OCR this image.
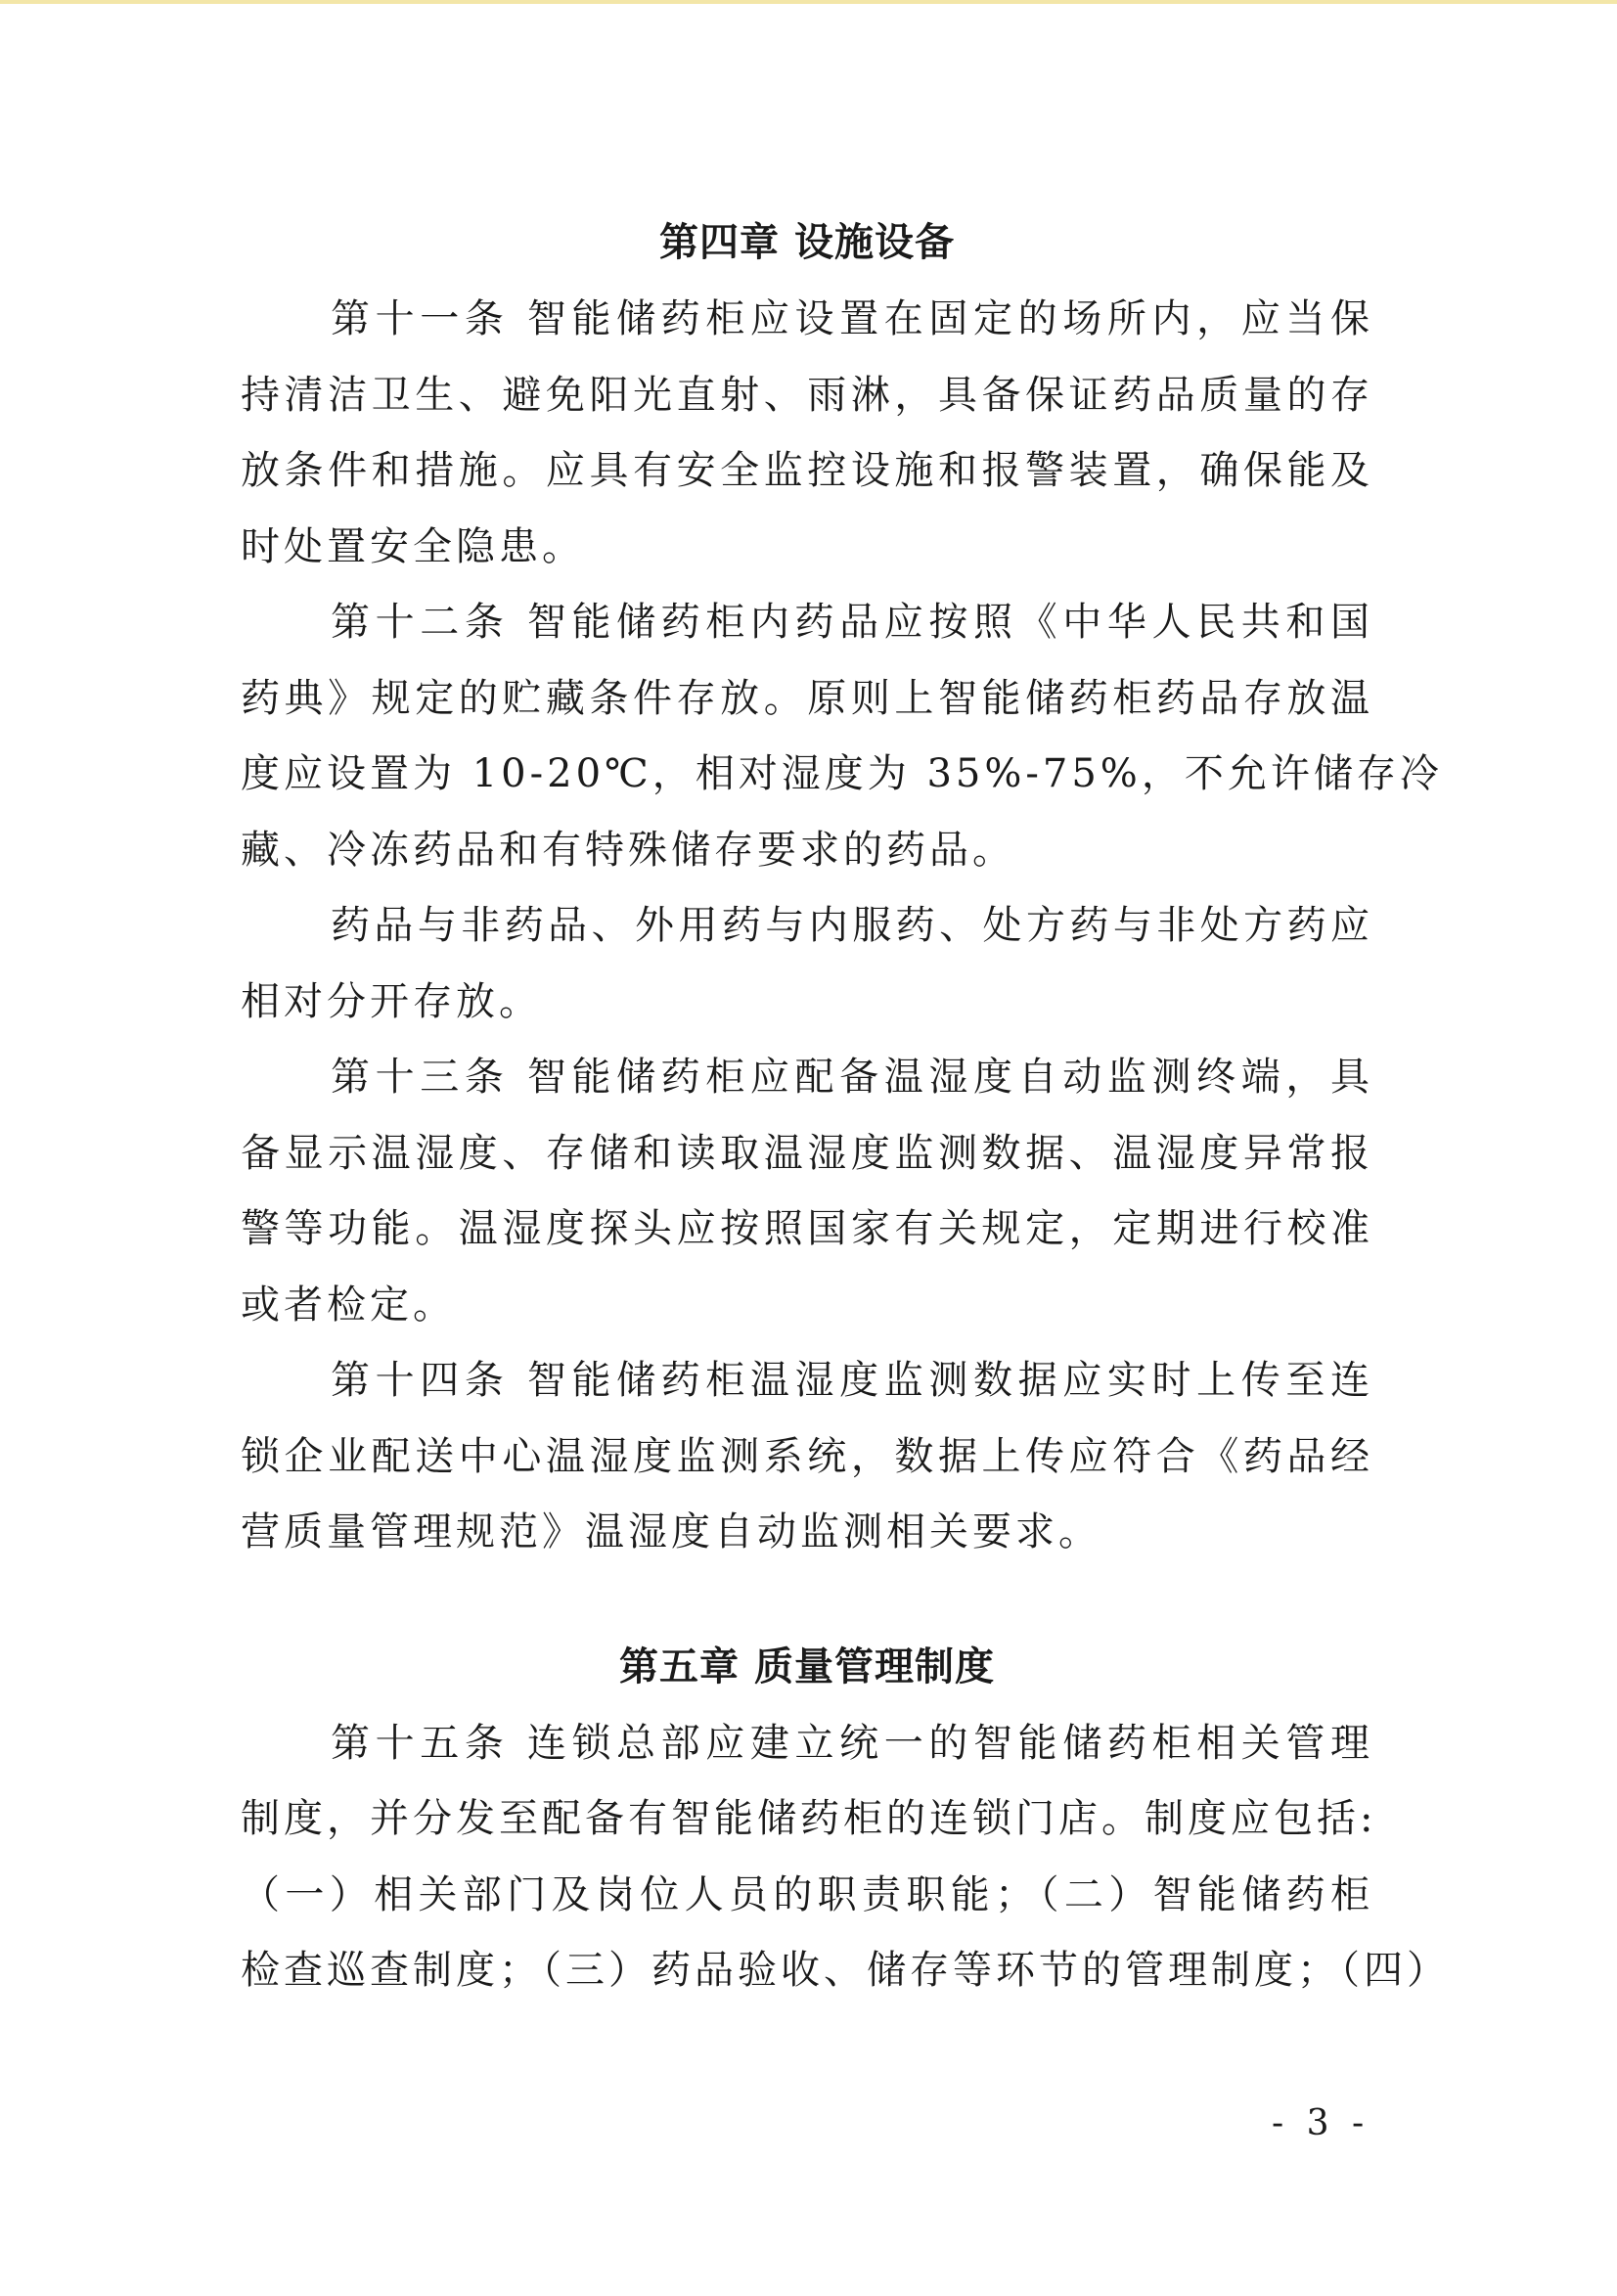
第四章 设施设备
第十一条 智能储药柜应设置在固定的场所内，应当保
持清洁卫生、避免阳光直射、雨淋，具备保证药品质量的存
放条件和措施。应具有安全监控设施和报警装置，确保能及
时处置安全隐患。
第十二条 智能储药柜内药品应按照《中华人民共和国
药典》规定的贮藏条件存放。原则上智能储药柜药品存放温
度应设置为 10-20℃，相对湿度为 35%-75%，不允许储存冷
藏、冷冻药品和有特殊储存要求的药品。
药品与非药品、外用药与内服药、处方药与非处方药应
相对分开存放。
第十三条 智能储药柜应配备温湿度自动监测终端，具
备显示温湿度、存储和读取温湿度监测数据、温湿度异常报
警等功能。温湿度探头应按照国家有关规定，定期进行校准
或者检定。
第十四条 智能储药柜温湿度监测数据应实时上传至连
锁企业配送中心温湿度监测系统，数据上传应符合《药品经
营质量管理规范》温湿度自动监测相关要求。
第五章 质量管理制度
第十五条 连锁总部应建立统一的智能储药柜相关管理
制度，并分发至配备有智能储药柜的连锁门店。制度应包括:
（一）相关部门及岗位人员的职责职能；（二）智能储药柜
检查巡查制度；（三）药品验收、储存等环节的管理制度；（四）
- 3 -
